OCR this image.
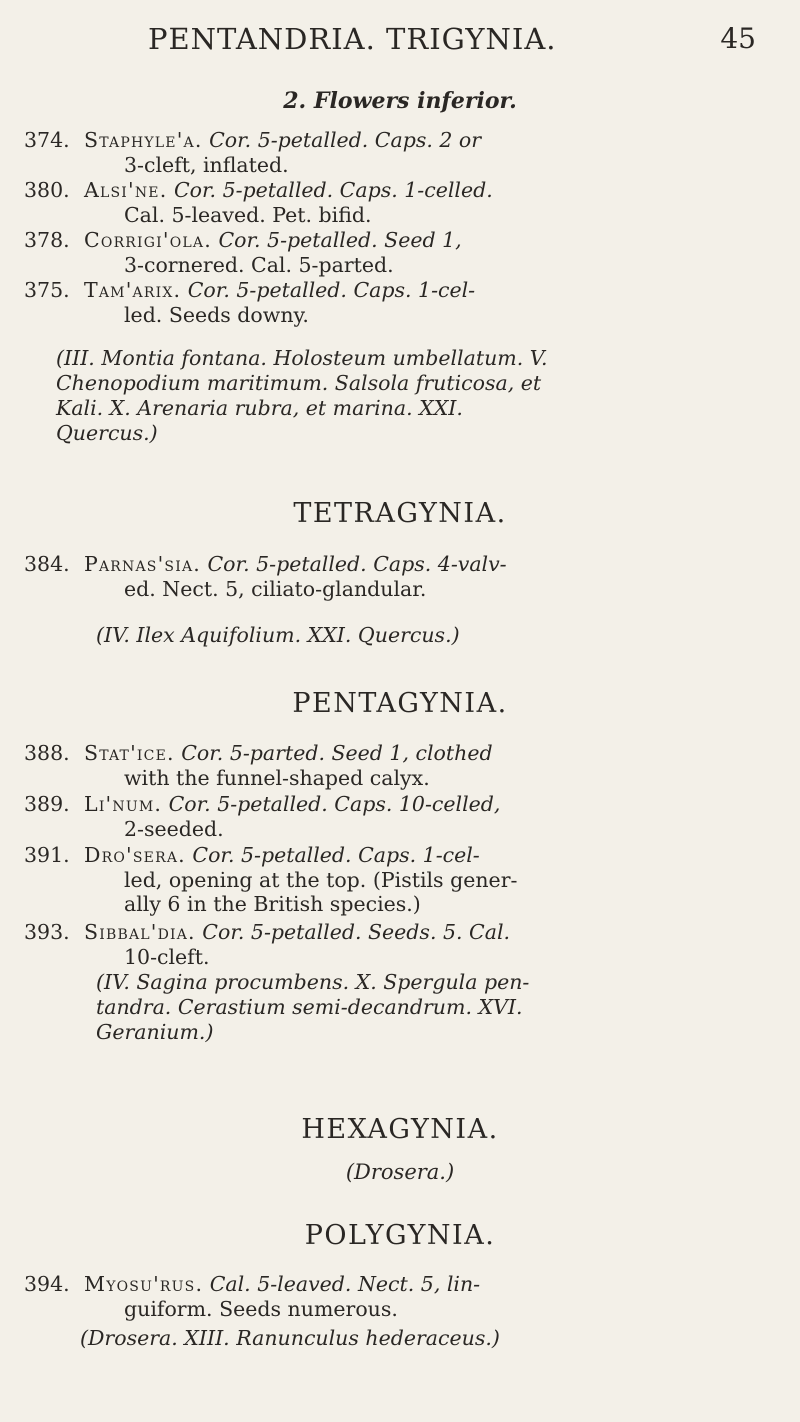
PENTANDRIA. TRIGYNIA.	45
2. Flowers inferior.
374. Staphyle'a. Cor. 5-petalled. Caps. 2 or
3-cleft, inflated.
380. Alsi'ne. Cor. 5-petalled. Caps. 1-celled.
Cal. 5-leaved. Pet. bifid.
378. Corrigi'ola. Cor. 5-petalled. Seed 1,
3-cornered. Cal. 5-parted.
375. Tam'arix. Cor. 5-petalled. Caps. 1-cel-
led. Seeds downy.
(III. Montia fontana. Holosteum umbellatum. V.
Chenopodium maritimum. Salsola fruticosa, et
Kali. X. Arenaria rubra, et marina. XXI.
Quercus.)
TETRAGYNIA.
384. Parnas'sia. Cor. 5-petalled. Caps. 4-valv-
ed. Nect. 5, ciliato-glandular.
(IV. Ilex Aquifolium. XXI. Quercus.)
PENTAGYNIA.
388. Stat'ice. Cor. 5-parted. Seed 1, clothed
with the funnel-shaped calyx.
389. Li'num. Cor. 5-petalled. Caps. 10-celled,
2-seeded.
391. Dro'sera. Cor. 5-petalled. Caps. 1-cel-
led, opening at the top. (Pistils gener-
ally 6 in the British species.)
393. Sibbal'dia. Cor. 5-petalled. Seeds. 5. Cal.
10-cleft.
(IV. Sagina procumbens. X. Spergula pen-
tandra. Cerastium semi-decandrum. XVI.
Geranium.)
HEXAGYNIA.
(Drosera.)
POLYGYNIA.
394. Myosu'rus. Cal. 5-leaved. Nect. 5, lin-
guiform. Seeds numerous.
(Drosera. XIII. Ranunculus hederaceus.)
